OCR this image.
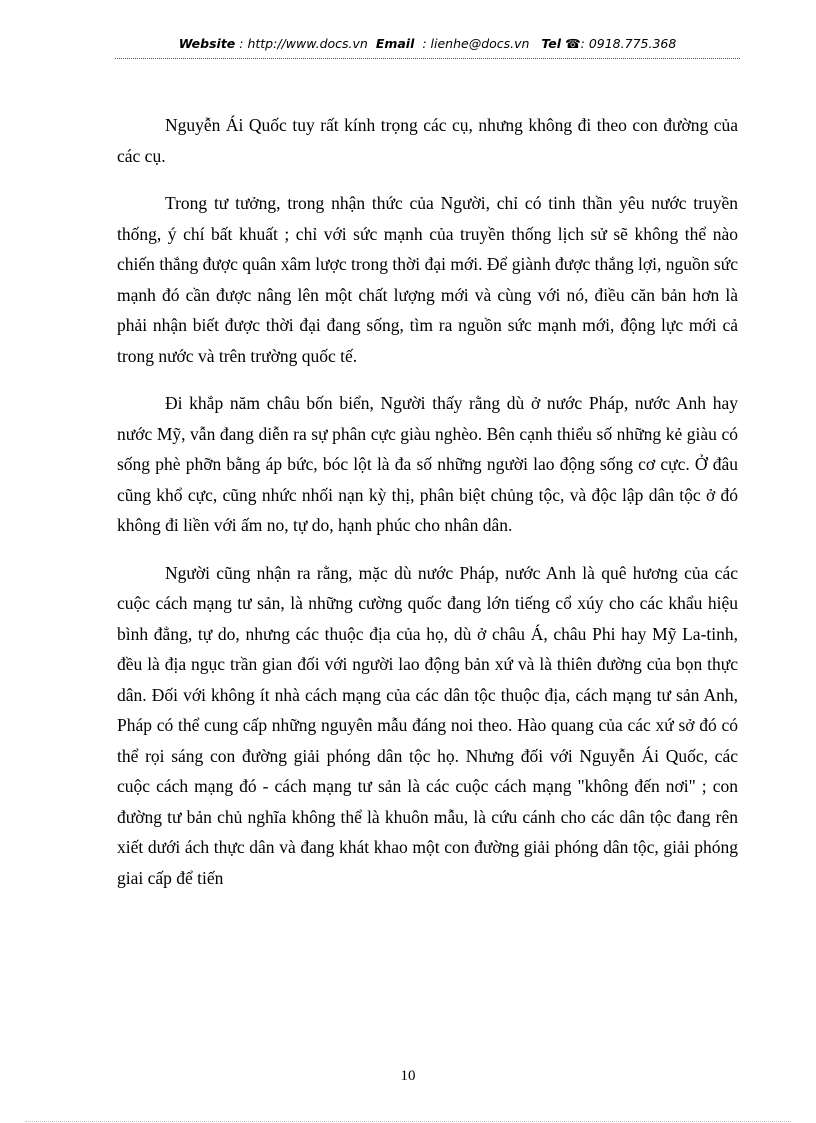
Website : http://www.docs.vn Email : lienhe@docs.vn Tel ☎: 0918.775.368

Nguyễn Ái Quốc tuy rất kính trọng các cụ, nhưng không đi theo con đường của các cụ.

Trong tư tưởng, trong nhận thức của Người, chỉ có tinh thần yêu nước truyền thống, ý chí bất khuất ; chỉ với sức mạnh của truyền thống lịch sử sẽ không thể nào chiến thắng được quân xâm lược trong thời đại mới. Để giành được thắng lợi, nguồn sức mạnh đó cần được nâng lên một chất lượng mới và cùng với nó, điều căn bản hơn là phải nhận biết được thời đại đang sống, tìm ra nguồn sức mạnh mới, động lực mới cả trong nước và trên trường quốc tế.

Đi khắp năm châu bốn biển, Người thấy rằng dù ở nước Pháp, nước Anh hay nước Mỹ, vẫn đang diễn ra sự phân cực giàu nghèo. Bên cạnh thiểu số những kẻ giàu có sống phè phỡn bằng áp bức, bóc lột là đa số những người lao động sống cơ cực. Ở đâu cũng khổ cực, cũng nhức nhối nạn kỳ thị, phân biệt chủng tộc, và độc lập dân tộc ở đó không đi liền với ấm no, tự do, hạnh phúc cho nhân dân.

Người cũng nhận ra rằng, mặc dù nước Pháp, nước Anh là quê hương của các cuộc cách mạng tư sản, là những cường quốc đang lớn tiếng cổ xúy cho các khẩu hiệu bình đẳng, tự do, nhưng các thuộc địa của họ, dù ở châu Á, châu Phi hay Mỹ La-tinh, đều là địa ngục trần gian đối với người lao động bản xứ và là thiên đường của bọn thực dân. Đối với không ít nhà cách mạng của các dân tộc thuộc địa, cách mạng tư sản Anh, Pháp có thể cung cấp những nguyên mẫu đáng noi theo. Hào quang của các xứ sở đó có thể rọi sáng con đường giải phóng dân tộc họ. Nhưng đối với Nguyễn Ái Quốc, các cuộc cách mạng đó - cách mạng tư sản là các cuộc cách mạng "không đến nơi" ; con đường tư bản chủ nghĩa không thể là khuôn mẫu, là cứu cánh cho các dân tộc đang rên xiết dưới ách thực dân và đang khát khao một con đường giải phóng dân tộc, giải phóng giai cấp để tiến

10
